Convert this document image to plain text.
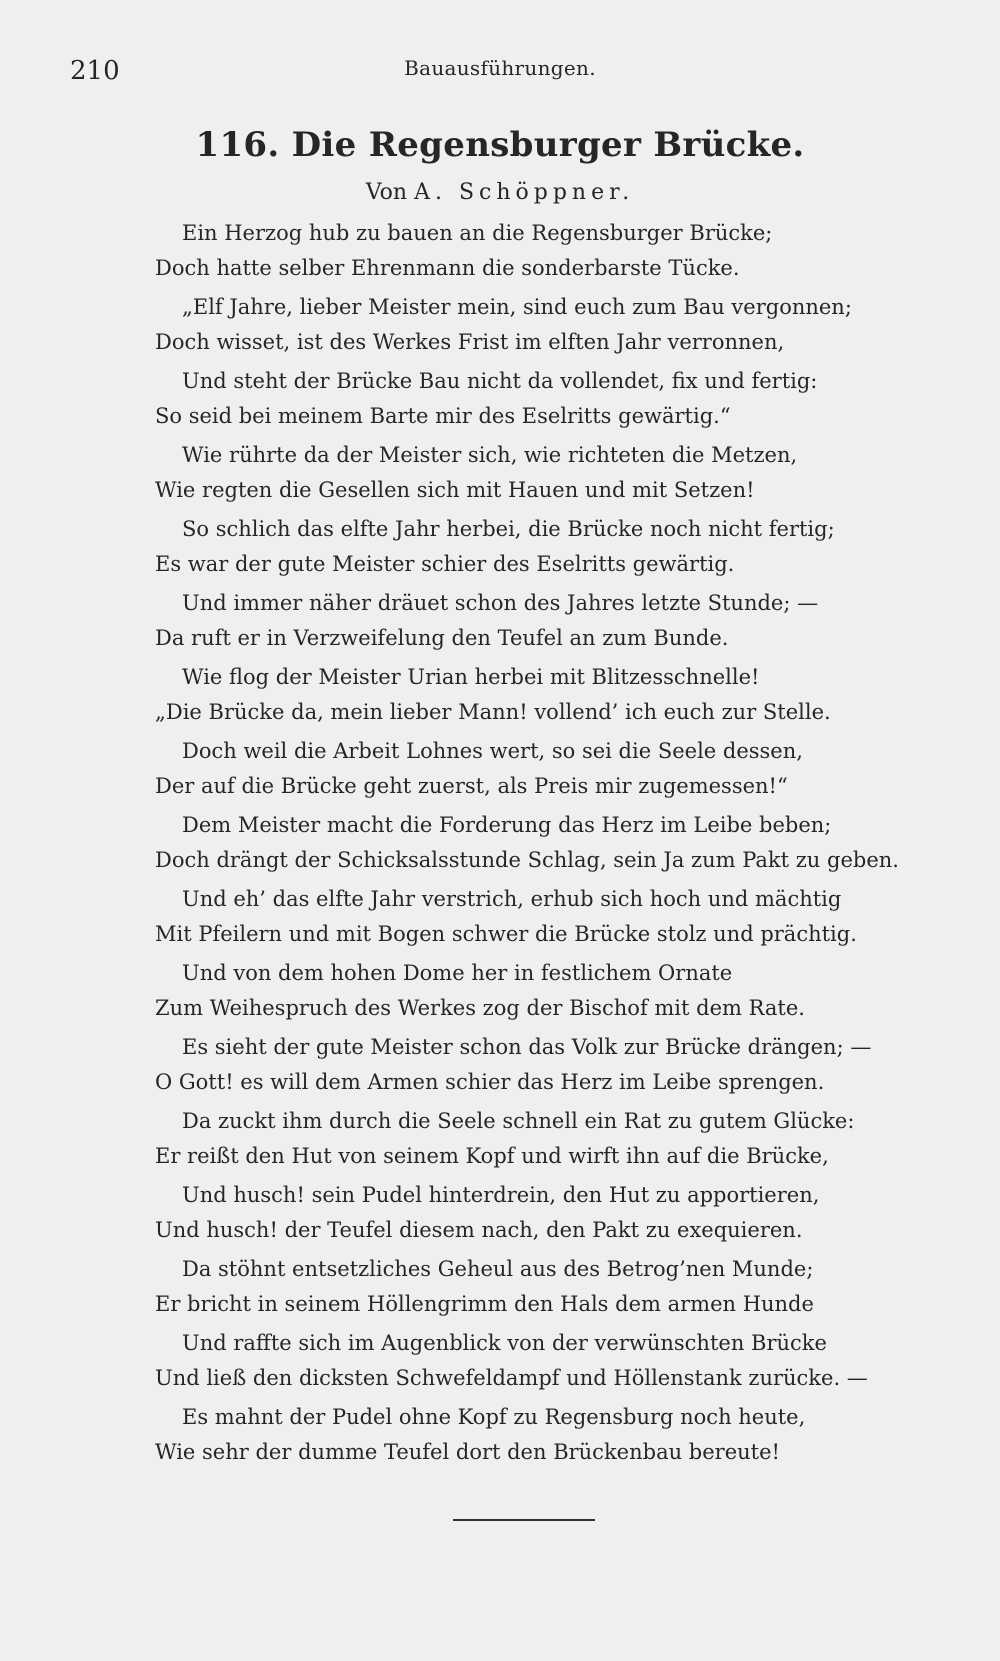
210	Bauausführungen.
116. Die Regensburger Brücke.
Von A. Schöppner.
Ein Herzog hub zu bauen an die Regensburger Brücke;
Doch hatte selber Ehrenmann die sonderbarste Tücke.
„Elf Jahre, lieber Meister mein, sind euch zum Bau vergonnen;
Doch wisset, ist des Werkes Frist im elften Jahr verronnen,
Und steht der Brücke Bau nicht da vollendet, fix und fertig:
So seid bei meinem Barte mir des Eselritts gewärtig.“
Wie rührte da der Meister sich, wie richteten die Metzen,
Wie regten die Gesellen sich mit Hauen und mit Setzen!
So schlich das elfte Jahr herbei, die Brücke noch nicht fertig;
Es war der gute Meister schier des Eselritts gewärtig.
Und immer näher dräuet schon des Jahres letzte Stunde; —
Da ruft er in Verzweifelung den Teufel an zum Bunde.
Wie flog der Meister Urian herbei mit Blitzesschnelle!
„Die Brücke da, mein lieber Mann! vollend’ ich euch zur Stelle.
Doch weil die Arbeit Lohnes wert, so sei die Seele dessen,
Der auf die Brücke geht zuerst, als Preis mir zugemessen!“
Dem Meister macht die Forderung das Herz im Leibe beben;
Doch drängt der Schicksalsstunde Schlag, sein Ja zum Pakt zu geben.
Und eh’ das elfte Jahr verstrich, erhub sich hoch und mächtig
Mit Pfeilern und mit Bogen schwer die Brücke stolz und prächtig.
Und von dem hohen Dome her in festlichem Ornate
Zum Weihespruch des Werkes zog der Bischof mit dem Rate.
Es sieht der gute Meister schon das Volk zur Brücke drängen; —
O Gott! es will dem Armen schier das Herz im Leibe sprengen.
Da zuckt ihm durch die Seele schnell ein Rat zu gutem Glücke:
Er reißt den Hut von seinem Kopf und wirft ihn auf die Brücke,
Und husch! sein Pudel hinterdrein, den Hut zu apportieren,
Und husch! der Teufel diesem nach, den Pakt zu exequieren.
Da stöhnt entsetzliches Geheul aus des Betrog’nen Munde;
Er bricht in seinem Höllengrimm den Hals dem armen Hunde
Und raffte sich im Augenblick von der verwünschten Brücke
Und ließ den dicksten Schwefeldampf und Höllenstank zurücke. —
Es mahnt der Pudel ohne Kopf zu Regensburg noch heute,
Wie sehr der dumme Teufel dort den Brückenbau bereute!
